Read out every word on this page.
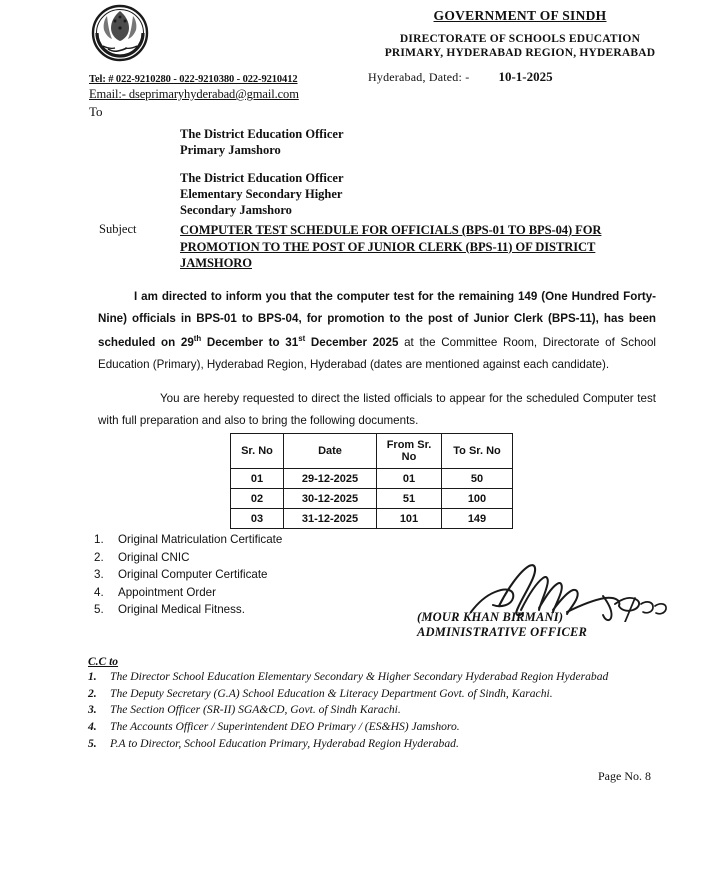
GOVERNMENT OF SINDH
DIRECTORATE OF SCHOOLS EDUCATION
PRIMARY, HYDERABAD REGION, HYDERABAD
Hyderabad, Dated: - 10-1-2025
Tel: # 022-9210280 - 022-9210380 - 022-9210412
Email:- dseprimaryhyderabad@gmail.com
To
The District Education Officer
Primary Jamshoro
The District Education Officer
Elementary Secondary Higher
Secondary Jamshoro
Subject	COMPUTER TEST SCHEDULE FOR OFFICIALS (BPS-01 TO BPS-04) FOR PROMOTION TO THE POST OF JUNIOR CLERK (BPS-11) OF DISTRICT JAMSHORO

I am directed to inform you that the computer test for the remaining 149 (One Hundred Forty-Nine) officials in BPS-01 to BPS-04, for promotion to the post of Junior Clerk (BPS-11), has been scheduled on 29th December to 31st December 2025 at the Committee Room, Directorate of School Education (Primary), Hyderabad Region, Hyderabad (dates are mentioned against each candidate).

You are hereby requested to direct the listed officials to appear for the scheduled Computer test with full preparation and also to bring the following documents.

Sr. No	Date	From Sr. No	To Sr. No
01	29-12-2025	01	50
02	30-12-2025	51	100
03	31-12-2025	101	149
1.	Original Matriculation Certificate
2.	Original CNIC
3.	Original Computer Certificate
4.	Appointment Order
5.	Original Medical Fitness.
(MOUR KHAN BIRMANI)
ADMINISTRATIVE OFFICER
C.C to
1.	The Director School Education Elementary Secondary & Higher Secondary Hyderabad Region Hyderabad
2.	The Deputy Secretary (G.A) School Education & Literacy Department Govt. of Sindh, Karachi.
3.	The Section Officer (SR-II) SGA&CD, Govt. of Sindh Karachi.
4.	The Accounts Officer / Superintendent DEO Primary / (ES&HS) Jamshoro.
5.	P.A to Director, School Education Primary, Hyderabad Region Hyderabad.
Page No. 8
